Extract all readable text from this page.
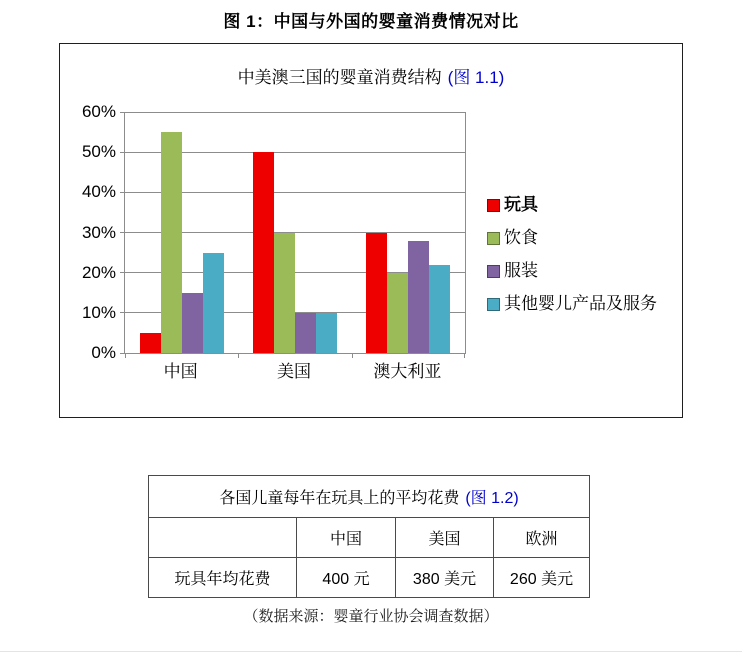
图 1：中国与外国的婴童消费情况对比
中美澳三国的婴童消费结构 (图 1.1)
0%
10%
20%
30%
40%
50%
60%
中国	美国	澳大利亚
玩具
饮食
服装
其他婴儿产品及服务
各国儿童每年在玩具上的平均花费 (图 1.2)			
	中国	美国	欧洲
玩具年均花费	400 元	380 美元	260 美元
（数据来源：婴童行业协会调查数据）
